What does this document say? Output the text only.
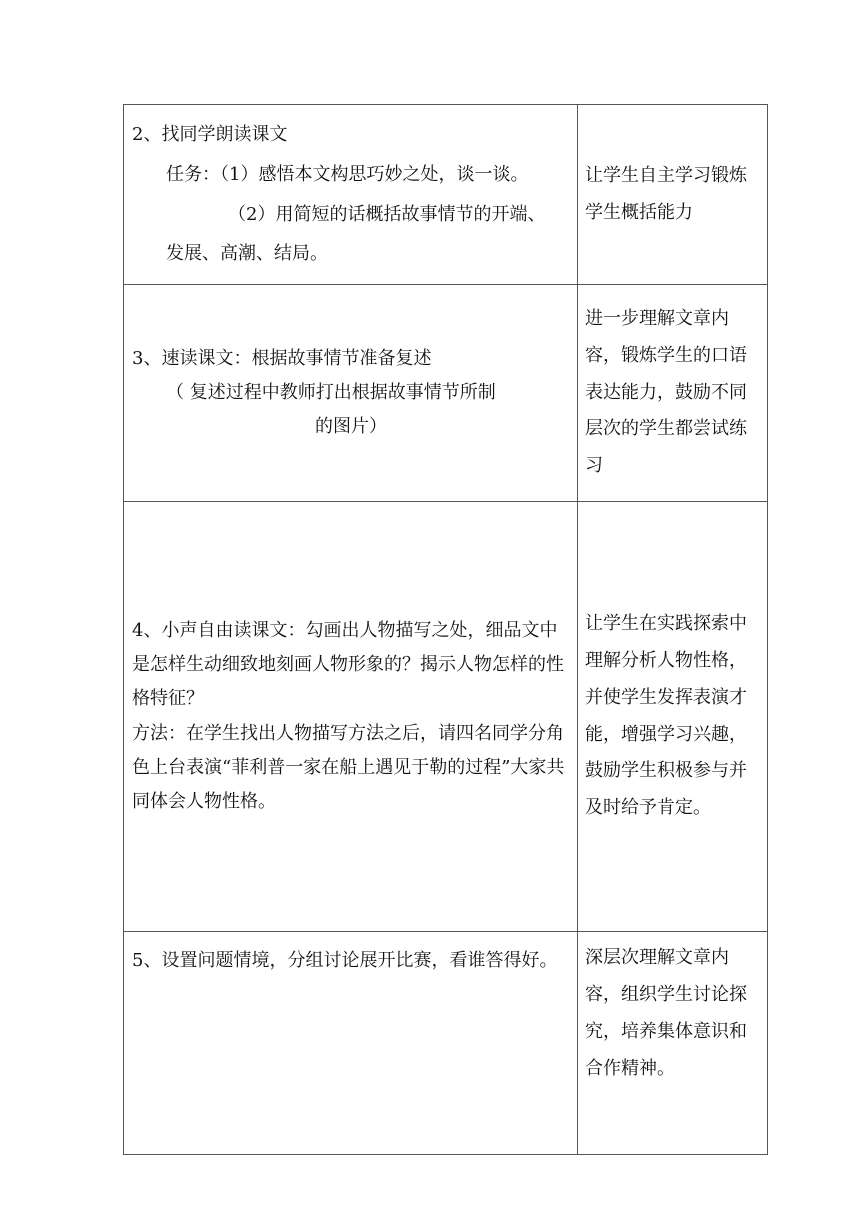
2、找同学朗读课文

任务：（1）感悟本文构思巧妙之处，谈一谈。

（2）用简短的话概括故事情节的开端、

发展、高潮、结局。	让学生自主学习锻炼学生概括能力

3、速读课文：根据故事情节准备复述

（ 复述过程中教师打出根据故事情节所制

的图片）	进一步理解文章内容，锻炼学生的口语表达能力，鼓励不同层次的学生都尝试练习

4、小声自由读课文：勾画出人物描写之处，细品文中是怎样生动细致地刻画人物形象的？揭示人物怎样的性格特征？

方法：在学生找出人物描写方法之后，请四名同学分角色上台表演“菲利普一家在船上遇见于勒的过程”大家共同体会人物性格。	让学生在实践探索中理解分析人物性格，并使学生发挥表演才能，增强学习兴趣，鼓励学生积极参与并及时给予肯定。

5、设置问题情境，分组讨论展开比赛，看谁答得好。	深层次理解文章内容，组织学生讨论探究，培养集体意识和合作精神。
